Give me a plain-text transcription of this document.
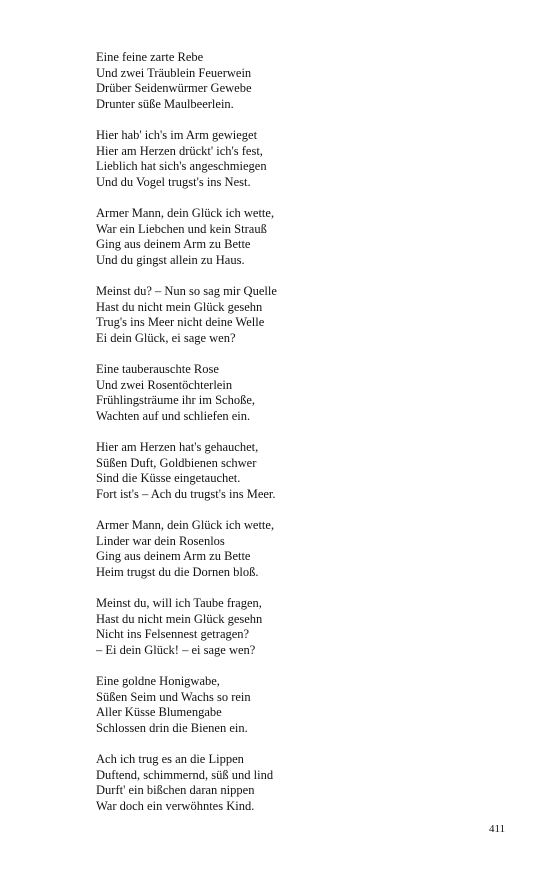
Eine feine zarte Rebe
Und zwei Träublein Feuerwein
Drüber Seidenwürmer Gewebe
Drunter süße Maulbeerlein.
Hier hab' ich's im Arm gewieget
Hier am Herzen drückt' ich's fest,
Lieblich hat sich's angeschmiegen
Und du Vogel trugst's ins Nest.
Armer Mann, dein Glück ich wette,
War ein Liebchen und kein Strauß
Ging aus deinem Arm zu Bette
Und du gingst allein zu Haus.
Meinst du? – Nun so sag mir Quelle
Hast du nicht mein Glück gesehn
Trug's ins Meer nicht deine Welle
Ei dein Glück, ei sage wen?
Eine tauberauschte Rose
Und zwei Rosentöchterlein
Frühlingsträume ihr im Schoße,
Wachten auf und schliefen ein.
Hier am Herzen hat's gehauchet,
Süßen Duft, Goldbienen schwer
Sind die Küsse eingetauchet.
Fort ist's – Ach du trugst's ins Meer.
Armer Mann, dein Glück ich wette,
Linder war dein Rosenlos
Ging aus deinem Arm zu Bette
Heim trugst du die Dornen bloß.
Meinst du, will ich Taube fragen,
Hast du nicht mein Glück gesehn
Nicht ins Felsennest getragen?
– Ei dein Glück! – ei sage wen?
Eine goldne Honigwabe,
Süßen Seim und Wachs so rein
Aller Küsse Blumengabe
Schlossen drin die Bienen ein.
Ach ich trug es an die Lippen
Duftend, schimmernd, süß und lind
Durft' ein bißchen daran nippen
War doch ein verwöhntes Kind.
411
